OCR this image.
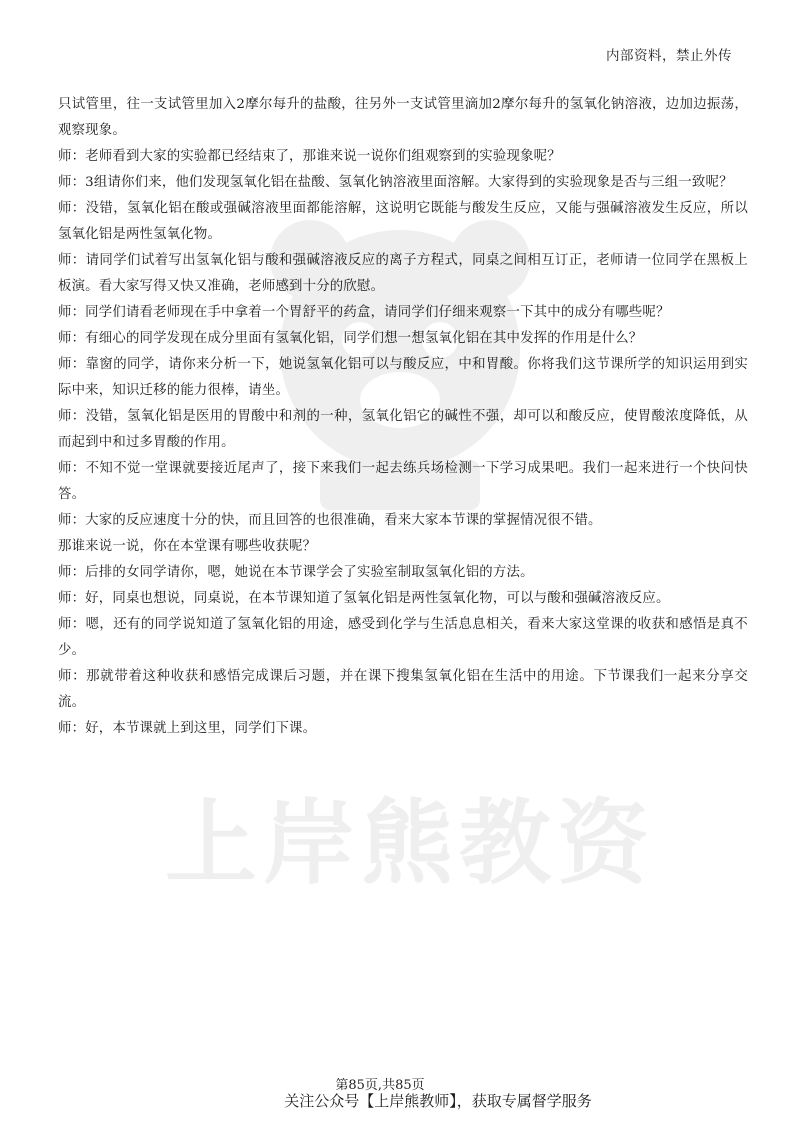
内部资料，禁止外传
上岸熊教资

只试管里，往一支试管里加入2摩尔每升的盐酸，往另外一支试管里滴加2摩尔每升的氢氧化钠溶液，边加边振荡，观察现象。

师：老师看到大家的实验都已经结束了，那谁来说一说你们组观察到的实验现象呢？

师：3组请你们来，他们发现氢氧化铝在盐酸、氢氧化钠溶液里面溶解。大家得到的实验现象是否与三组一致呢？

师：没错，氢氧化铝在酸或强碱溶液里面都能溶解，这说明它既能与酸发生反应，又能与强碱溶液发生反应，所以氢氧化铝是两性氢氧化物。

师：请同学们试着写出氢氧化铝与酸和强碱溶液反应的离子方程式，同桌之间相互订正，老师请一位同学在黑板上板演。看大家写得又快又准确，老师感到十分的欣慰。

师：同学们请看老师现在手中拿着一个胃舒平的药盒，请同学们仔细来观察一下其中的成分有哪些呢？

师：有细心的同学发现在成分里面有氢氧化铝，同学们想一想氢氧化铝在其中发挥的作用是什么？

师：靠窗的同学，请你来分析一下，她说氢氧化铝可以与酸反应，中和胃酸。你将我们这节课所学的知识运用到实际中来，知识迁移的能力很棒，请坐。

师：没错，氢氧化铝是医用的胃酸中和剂的一种，氢氧化铝它的碱性不强，却可以和酸反应，使胃酸浓度降低，从而起到中和过多胃酸的作用。

师：不知不觉一堂课就要接近尾声了，接下来我们一起去练兵场检测一下学习成果吧。我们一起来进行一个快问快答。

师：大家的反应速度十分的快，而且回答的也很准确，看来大家本节课的掌握情况很不错。

那谁来说一说，你在本堂课有哪些收获呢？

师：后排的女同学请你，嗯，她说在本节课学会了实验室制取氢氧化铝的方法。

师：好，同桌也想说，同桌说，在本节课知道了氢氧化铝是两性氢氧化物，可以与酸和强碱溶液反应。

师：嗯，还有的同学说知道了氢氧化铝的用途，感受到化学与生活息息相关，看来大家这堂课的收获和感悟是真不少。

师：那就带着这种收获和感悟完成课后习题，并在课下搜集氢氧化铝在生活中的用途。下节课我们一起来分享交流。

师：好，本节课就上到这里，同学们下课。

第85页,共85页
关注公众号【上岸熊教师】，获取专属督学服务
